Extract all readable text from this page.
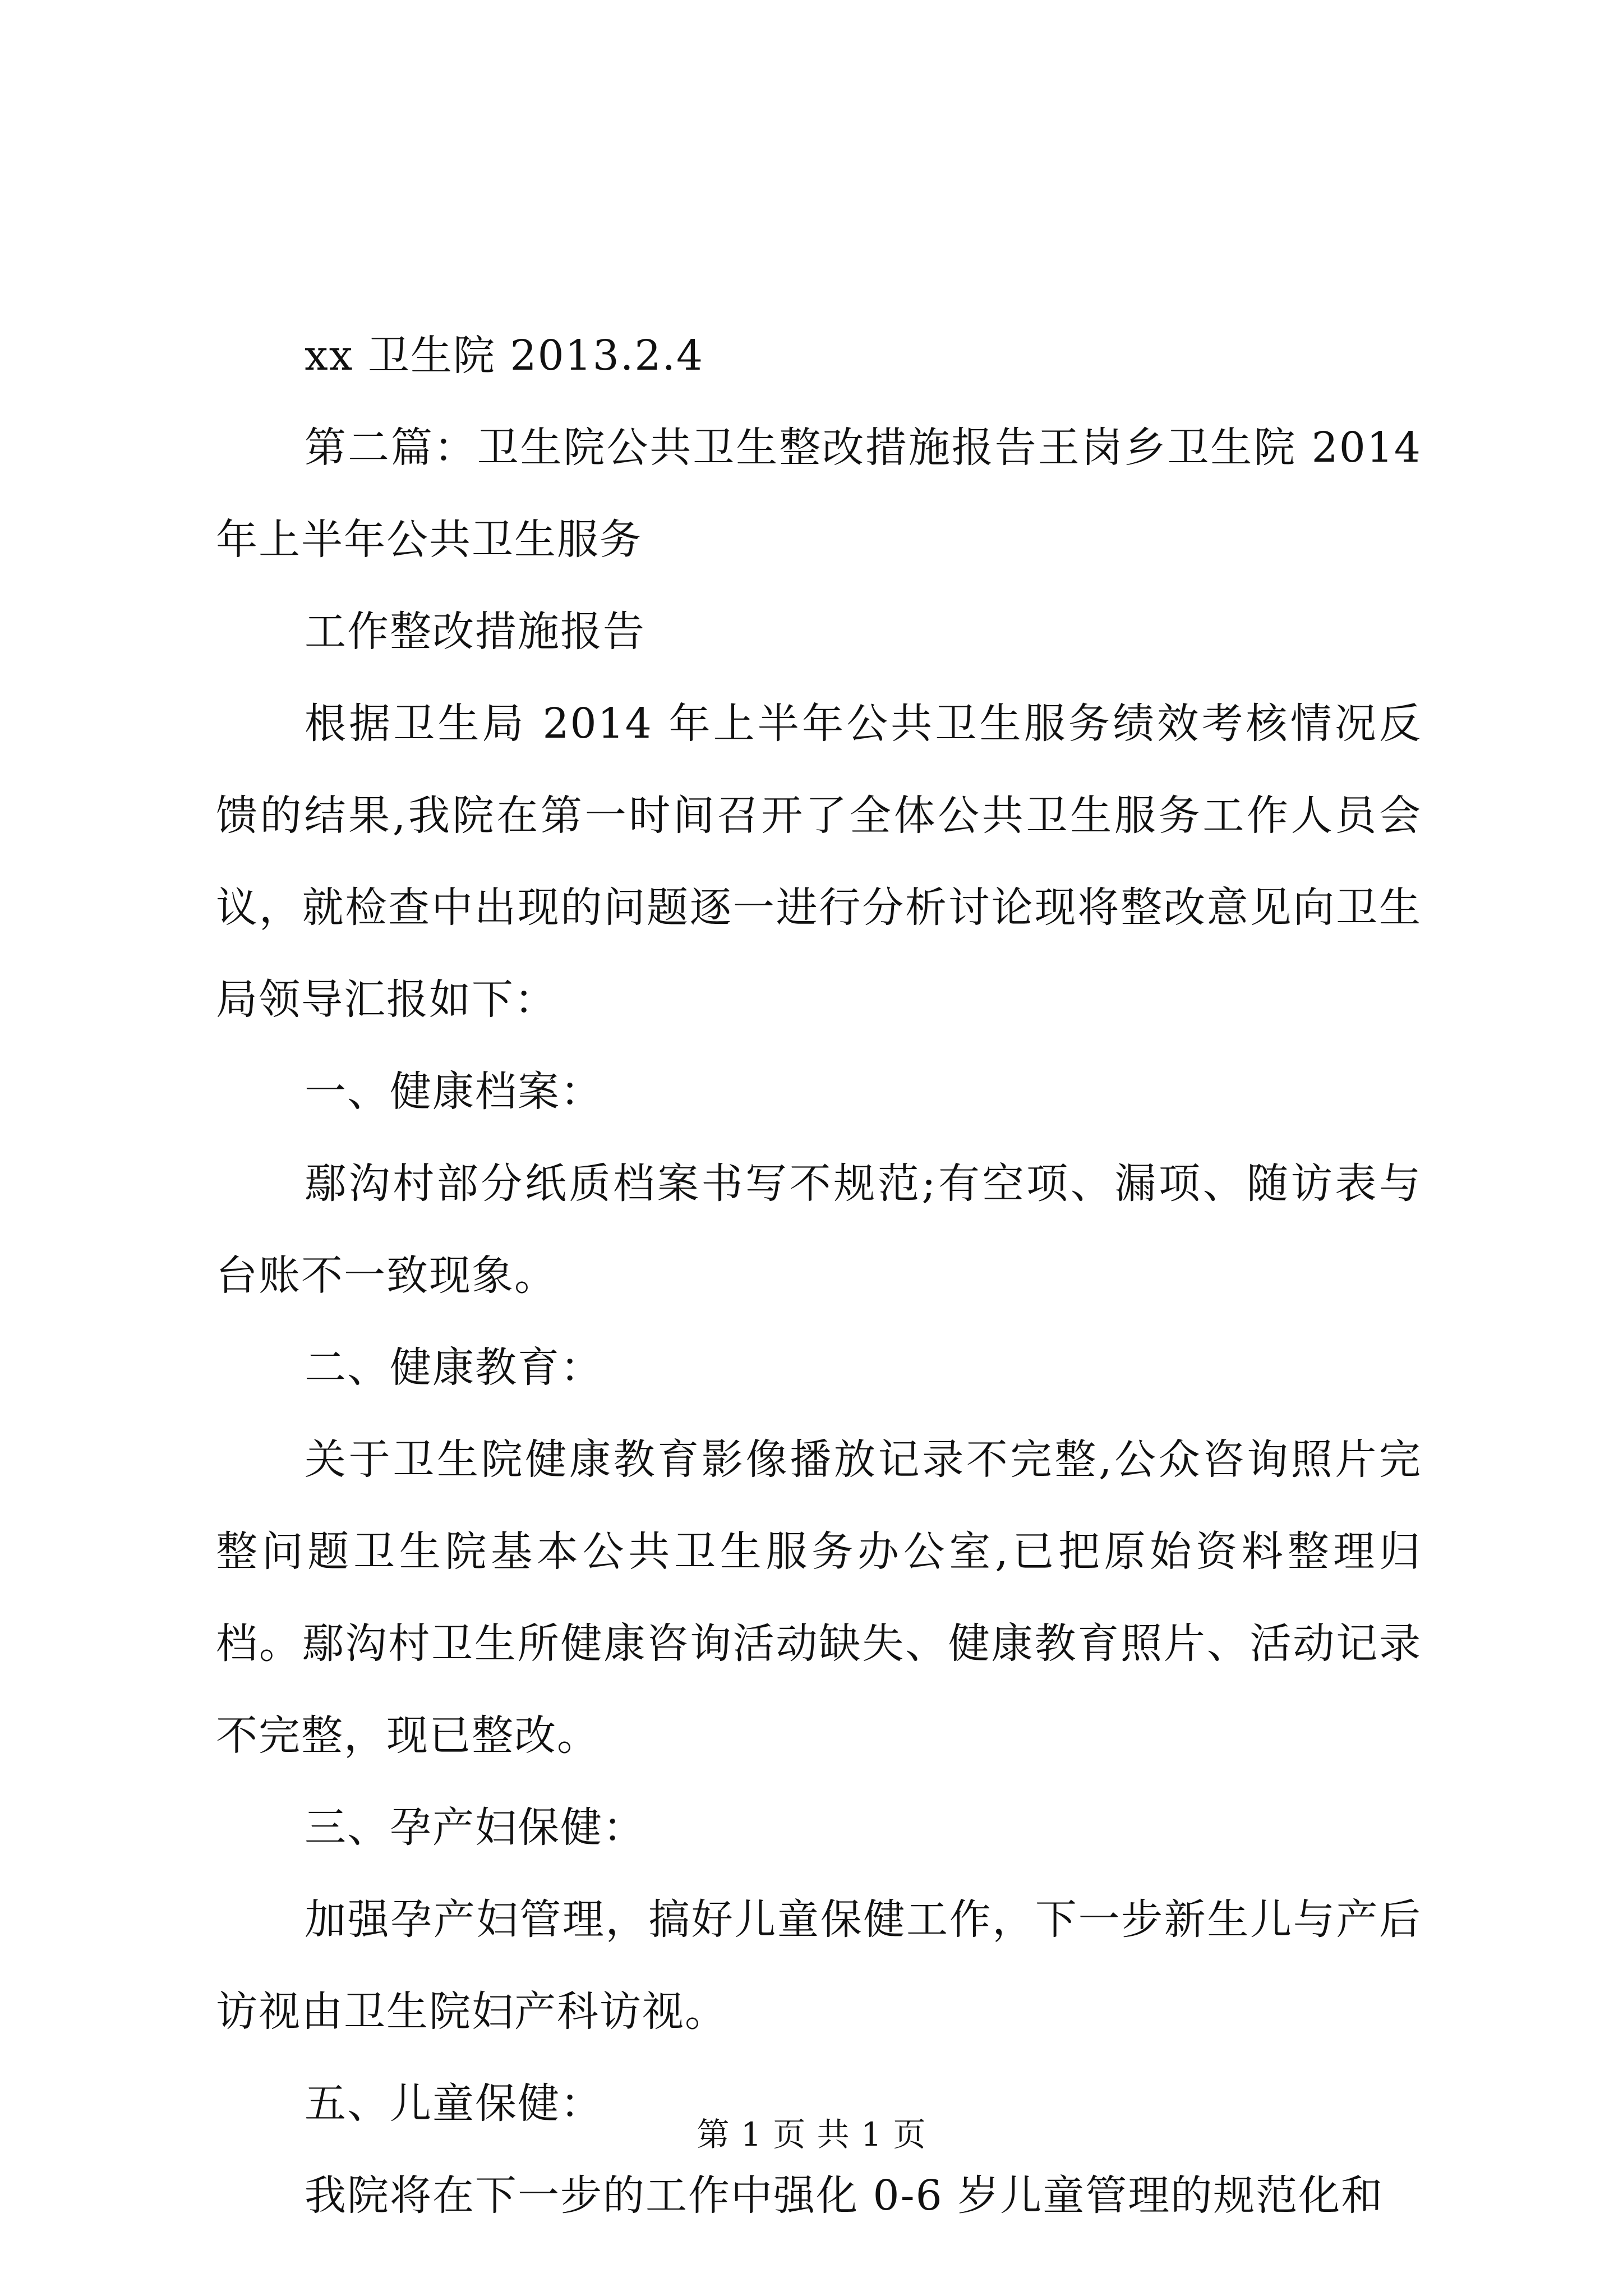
xx 卫生院 2013.2.4

第二篇：卫生院公共卫生整改措施报告王岗乡卫生院 2014 年上半年公共卫生服务

工作整改措施报告

根据卫生局 2014 年上半年公共卫生服务绩效考核情况反馈的结果,我院在第一时间召开了全体公共卫生服务工作人员会议，就检查中出现的问题逐一进行分析讨论现将整改意见向卫生局领导汇报如下：

一、健康档案：

鄢沟村部分纸质档案书写不规范;有空项、漏项、随访表与台账不一致现象。

二、健康教育：

关于卫生院健康教育影像播放记录不完整,公众咨询照片完整问题卫生院基本公共卫生服务办公室,已把原始资料整理归档。鄢沟村卫生所健康咨询活动缺失、健康教育照片、活动记录不完整，现已整改。

三、孕产妇保健：

加强孕产妇管理，搞好儿童保健工作，下一步新生儿与产后访视由卫生院妇产科访视。

五、儿童保健：

我院将在下一步的工作中强化 0-6 岁儿童管理的规范化和

第 1 页 共 1 页
